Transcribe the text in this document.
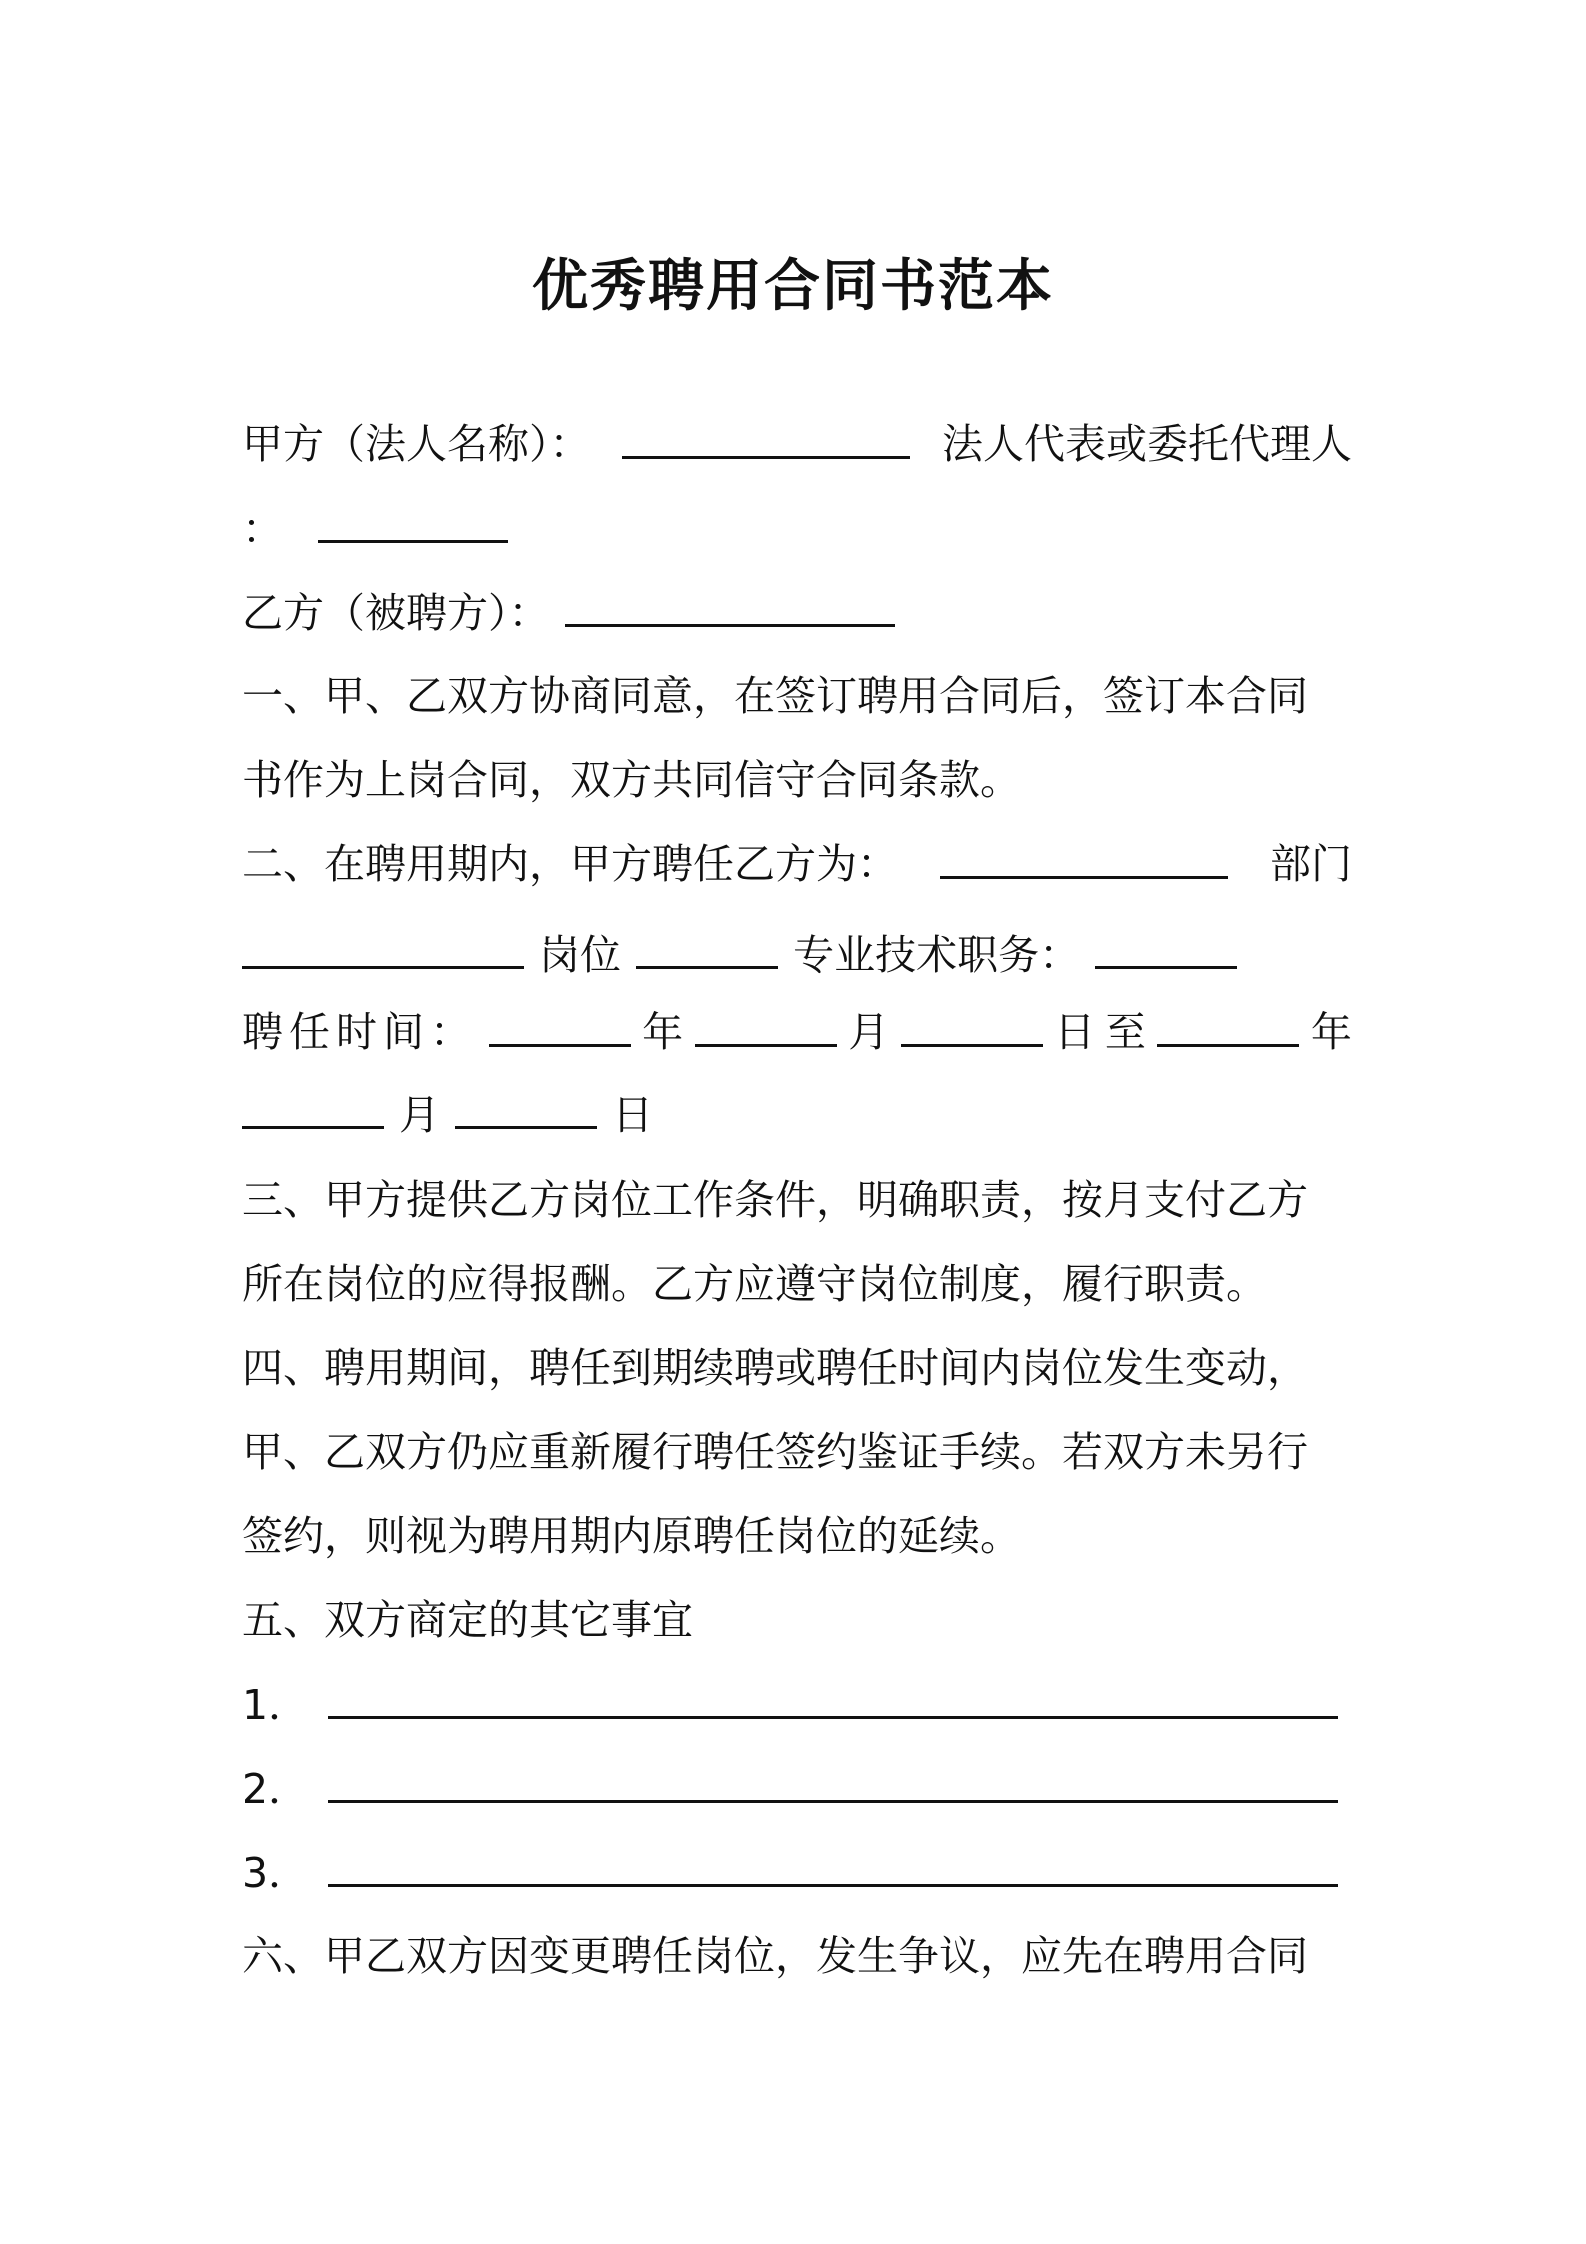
优秀聘用合同书范本
甲方（法人名称）：	法人代表或委托代理人
：
乙方（被聘方）：
一、甲、乙双方协商同意，在签订聘用合同后，签订本合同
书作为上岗合同，双方共同信守合同条款。
二、在聘用期内，甲方聘任乙方为：	部门
岗位	专业技术职务：
聘任时间：	年	月	日 至	年
月	日
三、甲方提供乙方岗位工作条件，明确职责，按月支付乙方
所在岗位的应得报酬。乙方应遵守岗位制度，履行职责。
四、聘用期间，聘任到期续聘或聘任时间内岗位发生变动，
甲、乙双方仍应重新履行聘任签约鉴证手续。若双方未另行
签约，则视为聘用期内原聘任岗位的延续。
五、双方商定的其它事宜
1．
2．
3．
六、甲乙双方因变更聘任岗位，发生争议，应先在聘用合同
